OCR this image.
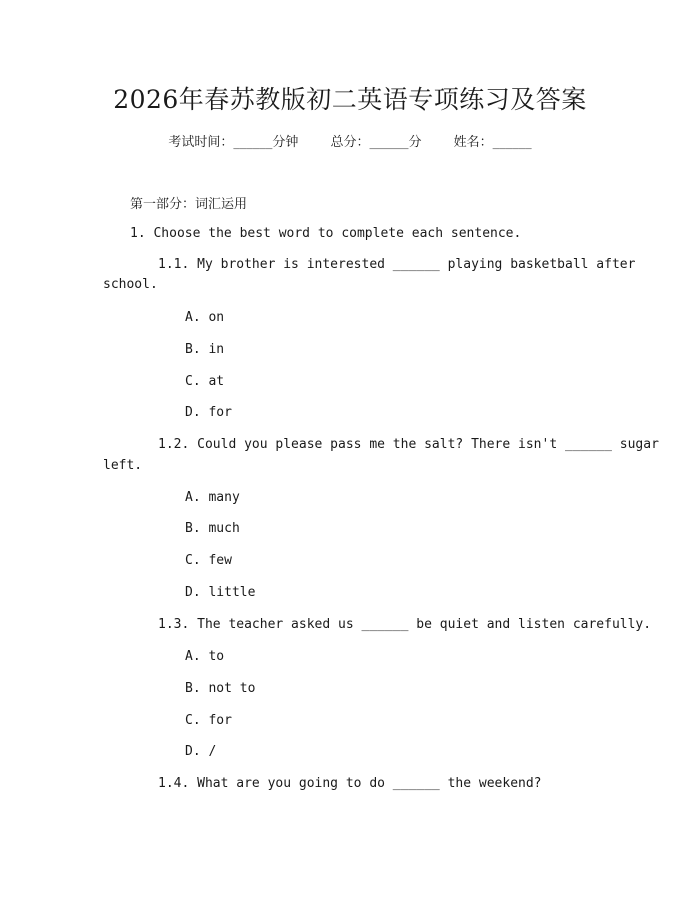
2026年春苏教版初二英语专项练习及答案
考试时间：______分钟 总分：______分 姓名：______
第一部分：词汇运用
1. Choose the best word to complete each sentence.
1.1. My brother is interested ______ playing basketball after
school.
A. on
B. in
C. at
D. for
1.2. Could you please pass me the salt? There isn't ______ sugar
left.
A. many
B. much
C. few
D. little
1.3. The teacher asked us ______ be quiet and listen carefully.
A. to
B. not to
C. for
D. /
1.4. What are you going to do ______ the weekend?
